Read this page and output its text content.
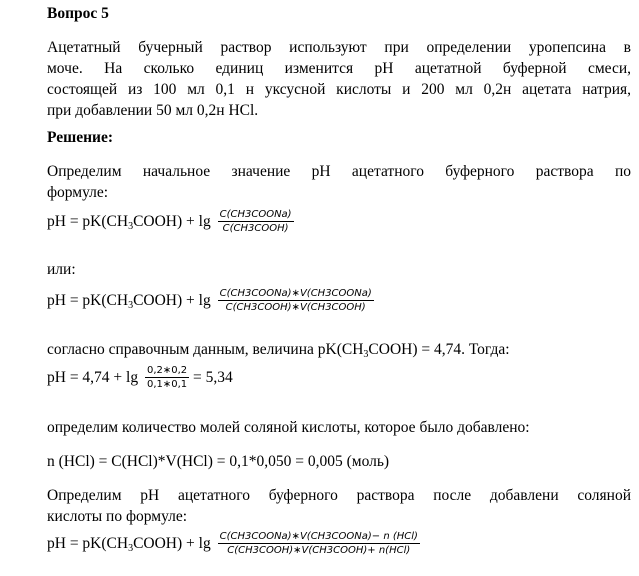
Вопрос 5
Ацетатный бучерный раствор используют при определении уропепсина в
моче. На сколько единиц изменится pH ацетатной буферной смеси,
состоящей из 100 мл 0,1 н уксусной кислоты и 200 мл 0,2н ацетата натрия,
при добавлении 50 мл 0,2н HCl.
Решение:
Определим начальное значение pH ацетатного буферного раствора по
формуле:
pH = $pK(CH_3COOH) + \lg \frac{\text{C(CH3COONa)}}{\text{C(CH3COOH)}}$
или:
pH = $pK(CH_3COOH) + \lg \frac{\text{C(CH3COONa)∗V(CH3COONa)}}{\text{C(CH3COOH)∗V(CH3COOH)}}$
согласно справочным данным, величина $pK(CH_3COOH) = 4,74$. Тогда:
pH = $4,74 + \lg \frac{0,2∗0,2}{0,1∗0,1} = 5,34$
определим количество молей соляной кислоты, которое было добавлено:
n (HCl) = C(HCl)*V(HCl) = 0,1*0,050 = 0,005 (моль)
Определим pH ацетатного буферного раствора после добавлени соляной
кислоты по формуле:
pH = $pK(CH_3COOH) + \lg \frac{\text{C(CH3COONa)∗V(CH3COONa)− n (HCl)}}{\text{C(CH3COOH)∗V(CH3COOH)+ n(HCl)}}$
